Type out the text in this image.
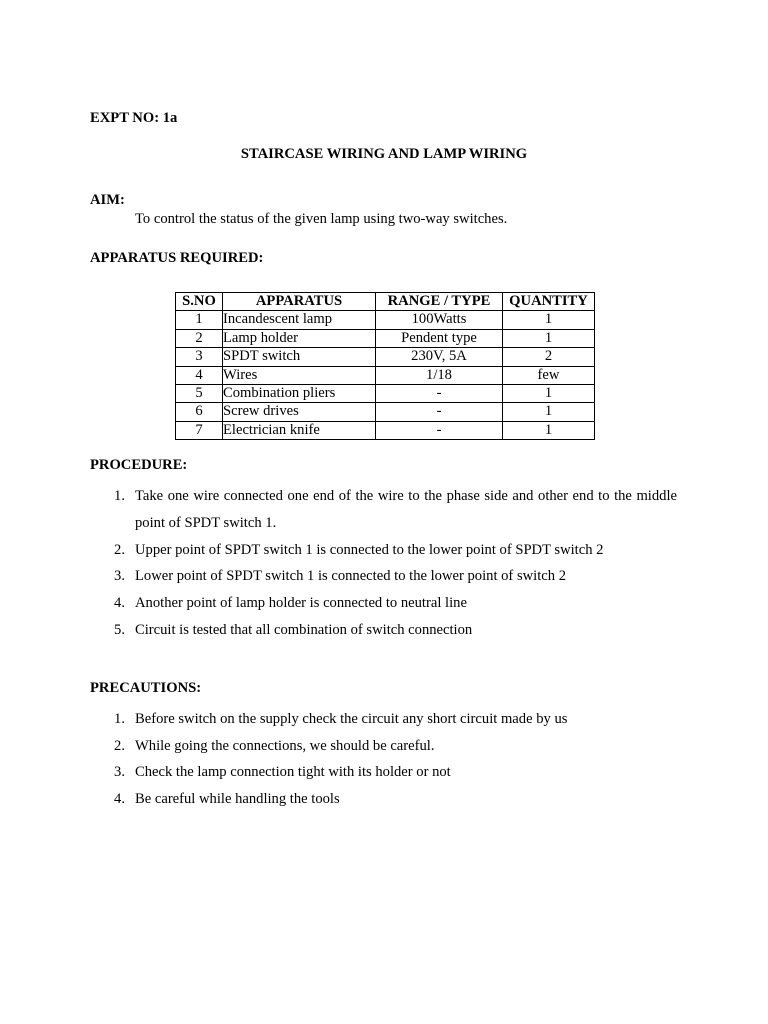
EXPT NO: 1a
STAIRCASE WIRING AND LAMP WIRING
AIM:
To control the status of the given lamp using two-way switches.
APPARATUS REQUIRED:
S.NO	APPARATUS	RANGE / TYPE	QUANTITY
1	Incandescent lamp	100Watts	1
2	Lamp holder	Pendent type	1
3	SPDT switch	230V, 5A	2
4	Wires	1/18	few
5	Combination pliers	-	1
6	Screw drives	-	1
7	Electrician knife	-	1
PROCEDURE:
1. Take one wire connected one end of the wire to the phase side and other end to the middle point of SPDT switch 1.
2. Upper point of SPDT switch 1 is connected to the lower point of SPDT switch 2
3. Lower point of SPDT switch 1 is connected to the lower point of switch 2
4. Another point of lamp holder is connected to neutral line
5. Circuit is tested that all combination of switch connection
PRECAUTIONS:
1. Before switch on the supply check the circuit any short circuit made by us
2. While going the connections, we should be careful.
3. Check the lamp connection tight with its holder or not
4. Be careful while handling the tools
